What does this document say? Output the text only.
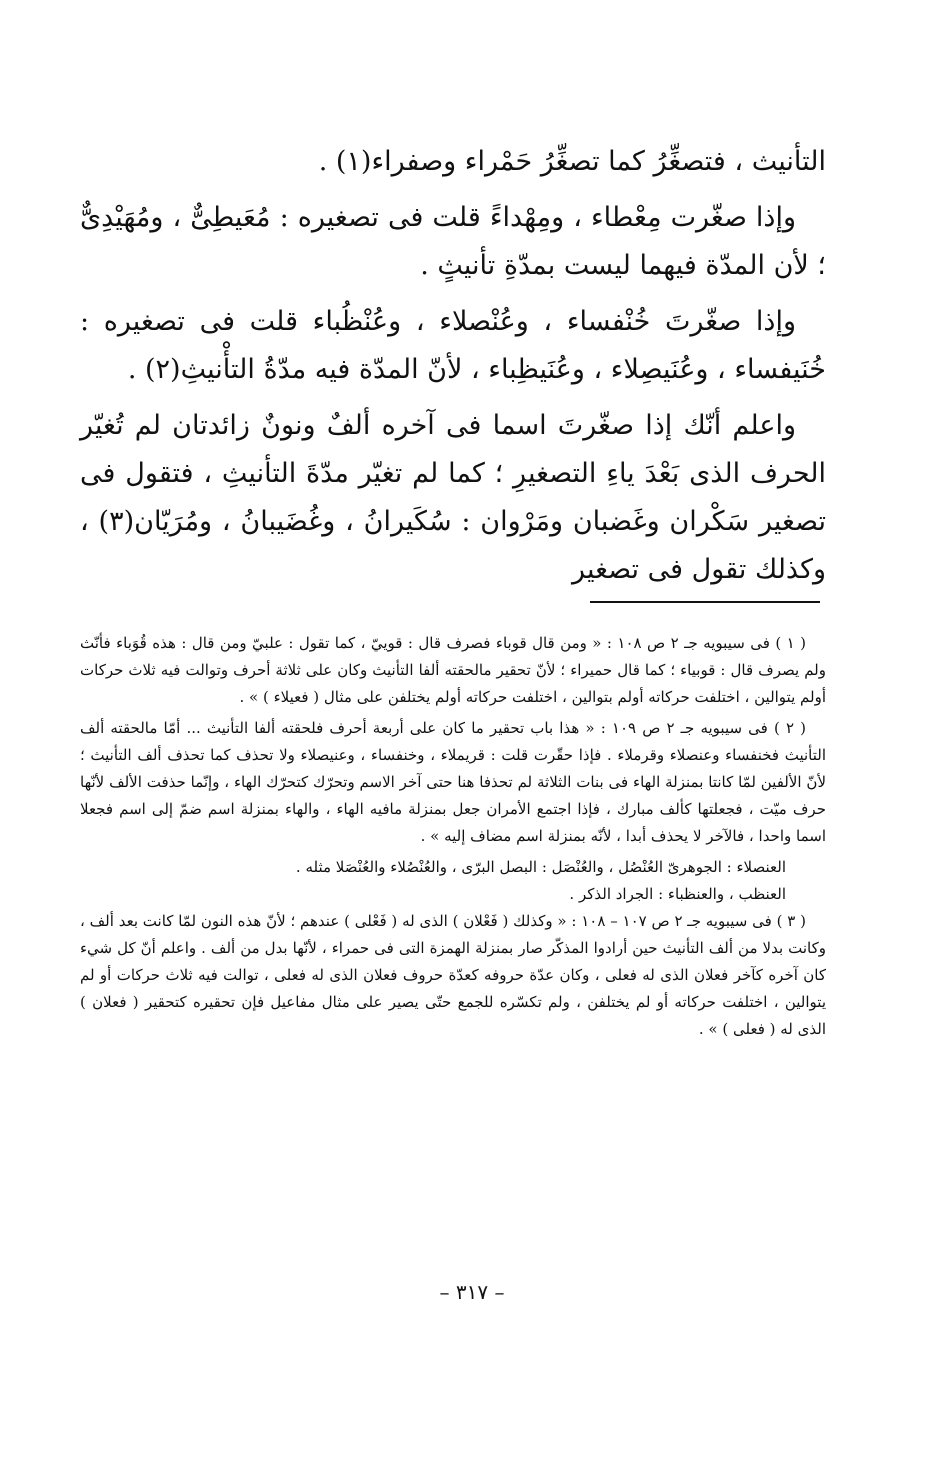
التأنيث ، فتصغِّرُ كما تصغِّرُ حَمْراء وصفراء(١) .

وإذا صغّرت مِعْطاء ، ومِهْداءً قلت فى تصغيره : مُعَيطِىٌّ ، ومُهَيْدِىٌّ ؛ لأن المدّة فيهما ليست بمدّةِ تأنيثٍ .

وإذا صغّرتَ خُنْفساء ، وعُنْصلاء ، وعُنْظُباء قلت فى تصغيره : خُنَيفساء ، وعُنَيصِلاء ، وعُنَيظِباء ، لأنّ المدّة فيه مدّةُ التأْنيثِ(٢) .

واعلم أنّك إذا صغّرتَ اسما فى آخره ألفٌ ونونٌ زائدتان لم تُغيّر الحرف الذى بَعْدَ ياءِ التصغيرِ ؛ كما لم تغيّر مدّةَ التأنيثِ ، فتقول فى تصغير سَكْران وغَضبان ومَرْوان : سُكَيرانُ ، وغُضَيبانُ ، ومُرَيّان(٣) ، وكذلك تقول فى تصغير

( ١ ) فى سيبويه جـ ٢ ص ١٠٨ : « ومن قال قوباء فصرف قال : قوييّ ، كما تقول : علبيّ ومن قال : هذه قُوَباء فأنّث ولم يصرف قال : قوبياء ؛ كما قال حميراء ؛ لأنّ تحقير مالحقته ألفا التأنيث وكان على ثلاثة أحرف وتوالت فيه ثلاث حركات أولم يتوالين ، اختلفت حركاته أولم بتوالين ، اختلفت حركاته أولم يختلفن على مثال ( فعيلاء ) » .

( ٢ ) فى سيبويه جـ ٢ ص ١٠٩ : « هذا باب تحقير ما كان على أربعة أحرف فلحقته ألفا التأنيث ... أمّا مالحقته ألف التأنيث فخنفساء وعنصلاء وقرملاء . فإذا حقّرت قلت : قريملاء ، وخنفساء ، وعنيصلاء ولا تحذف كما تحذف ألف التأنيث ؛ لأنّ الألفين لمّا كانتا بمنزلة الهاء فى بنات الثلاثة لم تحذفا هنا حتى آخر الاسم وتحرّك كتحرّك الهاء ، وإنّما حذفت الألف لأنّها حرف ميّت ، فجعلتها كألف مبارك ، فإذا اجتمع الأمران جعل بمنزلة مافيه الهاء ، والهاء بمنزلة اسم ضمّ إلى اسم فجعلا اسما واحدا ، فالآخر لا يحذف أبدا ، لأنّه بمنزلة اسم مضاف إليه » .

العنصلاء : الجوهرىّ العُنْصُل ، والعُنْصَل : البصل البرّى ، والعُنْصُلاء والعُنْصَلا مثله .

العنظب ، والعنظباء : الجراد الذكر .

( ٣ ) فى سيبويه جـ ٢ ص ١٠٧ – ١٠٨ : « وكذلك ( فَعْلان ) الذى له ( فَعْلى ) عندهم ؛ لأنّ هذه النون لمّا كانت بعد ألف ، وكانت بدلا من ألف التأنيث حين أرادوا المذكّر صار بمنزلة الهمزة التى فى حمراء ، لأنّها بدل من ألف . واعلم أنّ كل شيء كان آخره كآخر فعلان الذى له فعلى ، وكان عدّة حروفه كعدّة حروف فعلان الذى له فعلى ، توالت فيه ثلاث حركات أو لم يتوالين ، اختلفت حركاته أو لم يختلفن ، ولم تكسّره للجمع حتّى يصير على مثال مفاعيل فإن تحقيره كتحقير ( فعلان ) الذى له ( فعلى ) » .

– ٣١٧ –
